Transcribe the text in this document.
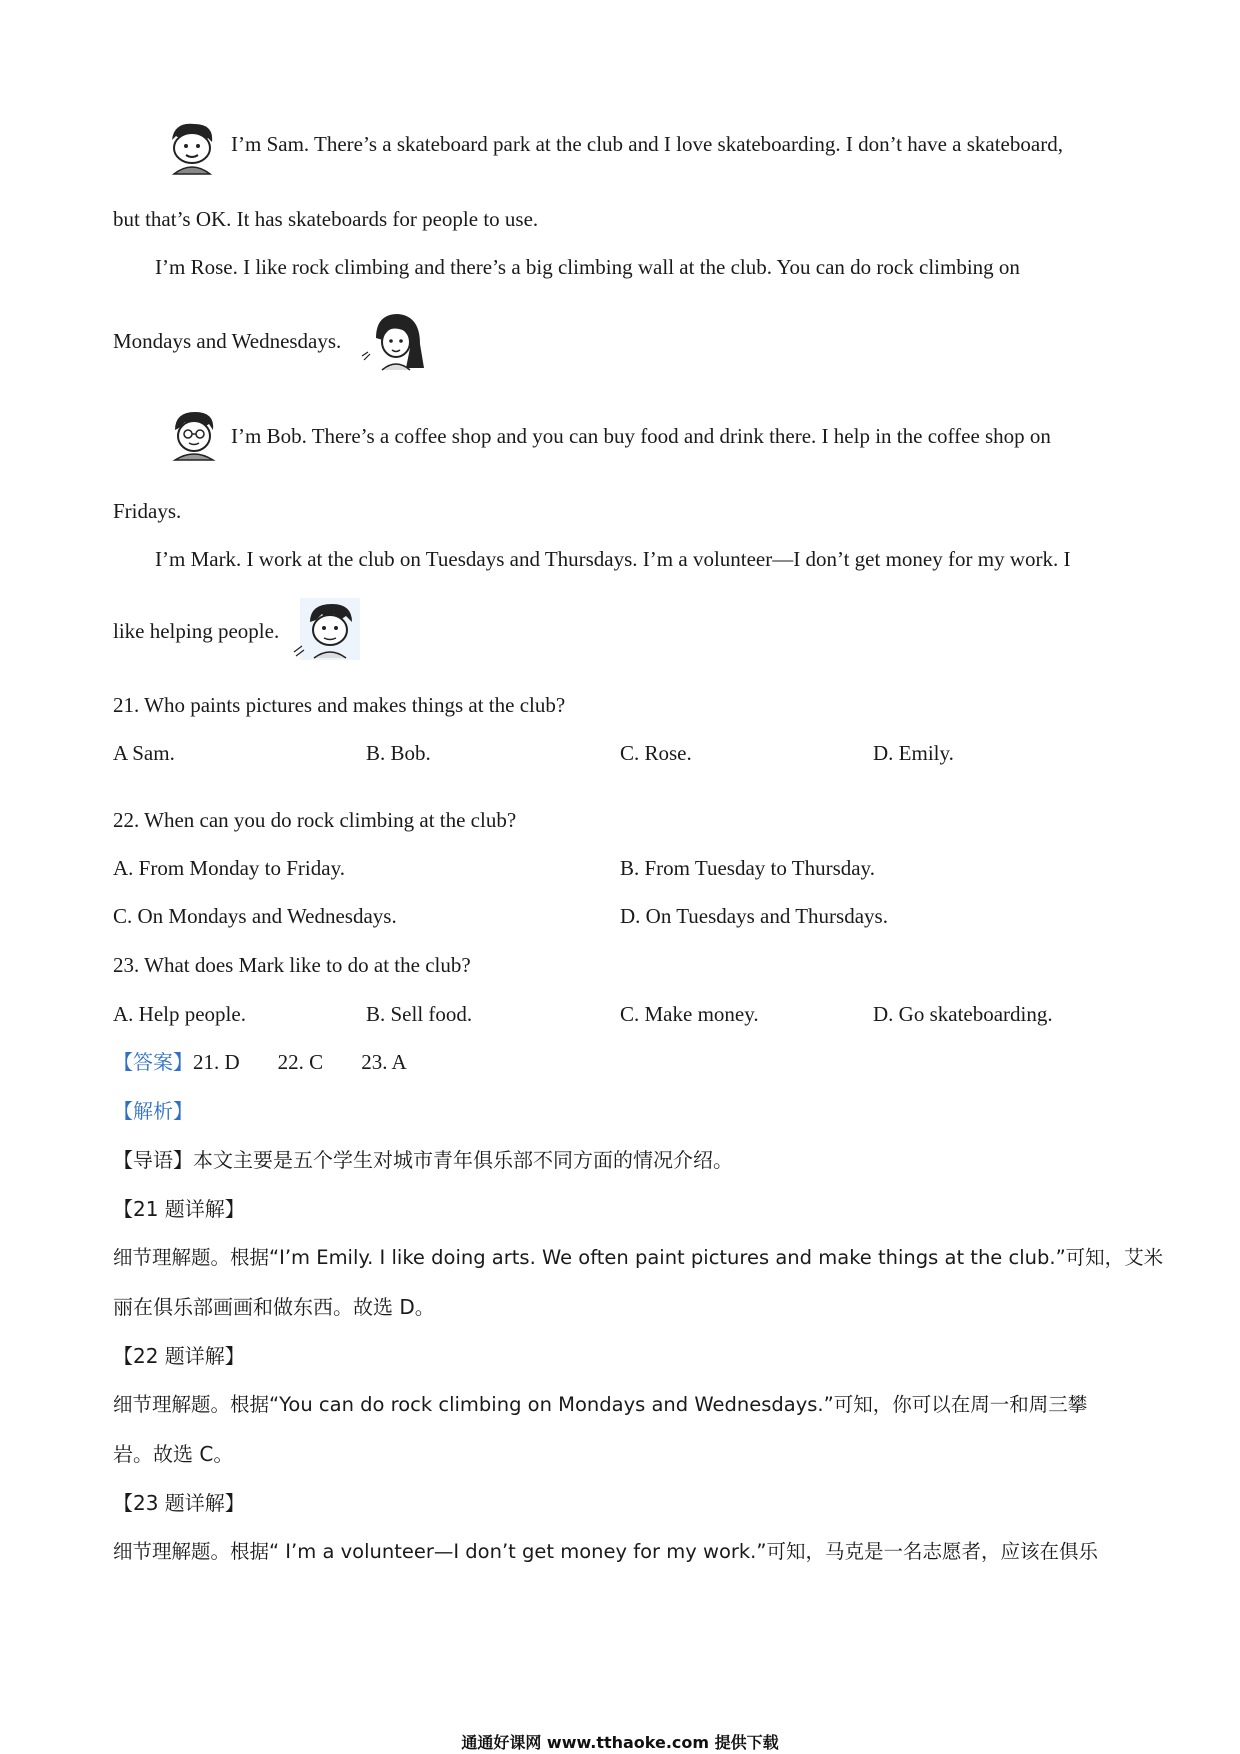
I’m Sam. There’s a skateboard park at the club and I love skateboarding. I don’t have a skateboard,
but that’s OK. It has skateboards for people to use.
I’m Rose. I like rock climbing and there’s a big climbing wall at the club. You can do rock climbing on
Mondays and Wednesdays.
I’m Bob. There’s a coffee shop and you can buy food and drink there. I help in the coffee shop on
Fridays.
I’m Mark. I work at the club on Tuesdays and Thursdays. I’m a volunteer—I don’t get money for my work. I
like helping people.
21. Who paints pictures and makes things at the club?
A Sam.	B. Bob.	C. Rose.	D. Emily.
22. When can you do rock climbing at the club?
A. From Monday to Friday.	B. From Tuesday to Thursday.
C. On Mondays and Wednesdays.	D. On Tuesdays and Thursdays.
23. What does Mark like to do at the club?
A. Help people.	B. Sell food.	C. Make money.	D. Go skateboarding.
【答案】21. D 22. C 23. A
【解析】
【导语】本文主要是五个学生对城市青年俱乐部不同方面的情况介绍。
【21 题详解】
细节理解题。根据“I’m Emily. I like doing arts. We often paint pictures and make things at the club.”可知，艾米
丽在俱乐部画画和做东西。故选 D。
【22 题详解】
细节理解题。根据“You can do rock climbing on Mondays and Wednesdays.”可知，你可以在周一和周三攀
岩。故选 C。
【23 题详解】
细节理解题。根据“ I’m a volunteer—I don’t get money for my work.”可知，马克是一名志愿者，应该在俱乐
通通好课网 www.tthaoke.com 提供下载
